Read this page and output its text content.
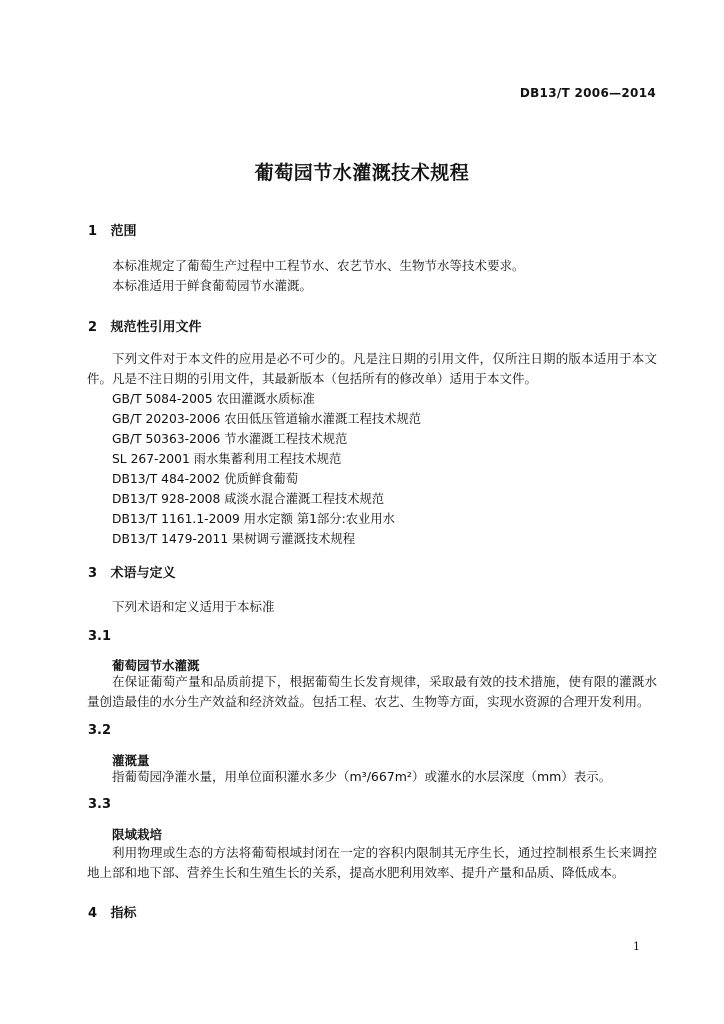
DB13/T 2006—2014
葡萄园节水灌溉技术规程
1 范围
本标准规定了葡萄生产过程中工程节水、农艺节水、生物节水等技术要求。
本标准适用于鲜食葡萄园节水灌溉。
2 规范性引用文件
下列文件对于本文件的应用是必不可少的。凡是注日期的引用文件，仅所注日期的版本适用于本文件。凡是不注日期的引用文件，其最新版本（包括所有的修改单）适用于本文件。
GB/T 5084-2005 农田灌溉水质标准
GB/T 20203-2006 农田低压管道输水灌溉工程技术规范
GB/T 50363-2006 节水灌溉工程技术规范
SL 267-2001 雨水集蓄利用工程技术规范
DB13/T 484-2002 优质鲜食葡萄
DB13/T 928-2008 咸淡水混合灌溉工程技术规范
DB13/T 1161.1-2009 用水定额 第1部分:农业用水
DB13/T 1479-2011 果树调亏灌溉技术规程
3 术语与定义
下列术语和定义适用于本标准
3.1
葡萄园节水灌溉
在保证葡萄产量和品质前提下，根据葡萄生长发育规律，采取最有效的技术措施，使有限的灌溉水量创造最佳的水分生产效益和经济效益。包括工程、农艺、生物等方面，实现水资源的合理开发利用。
3.2
灌溉量
指葡萄园净灌水量，用单位面积灌水多少（m³/667m²）或灌水的水层深度（mm）表示。
3.3
限域栽培
利用物理或生态的方法将葡萄根域封闭在一定的容积内限制其无序生长，通过控制根系生长来调控地上部和地下部、营养生长和生殖生长的关系，提高水肥利用效率、提升产量和品质、降低成本。
4 指标
1
